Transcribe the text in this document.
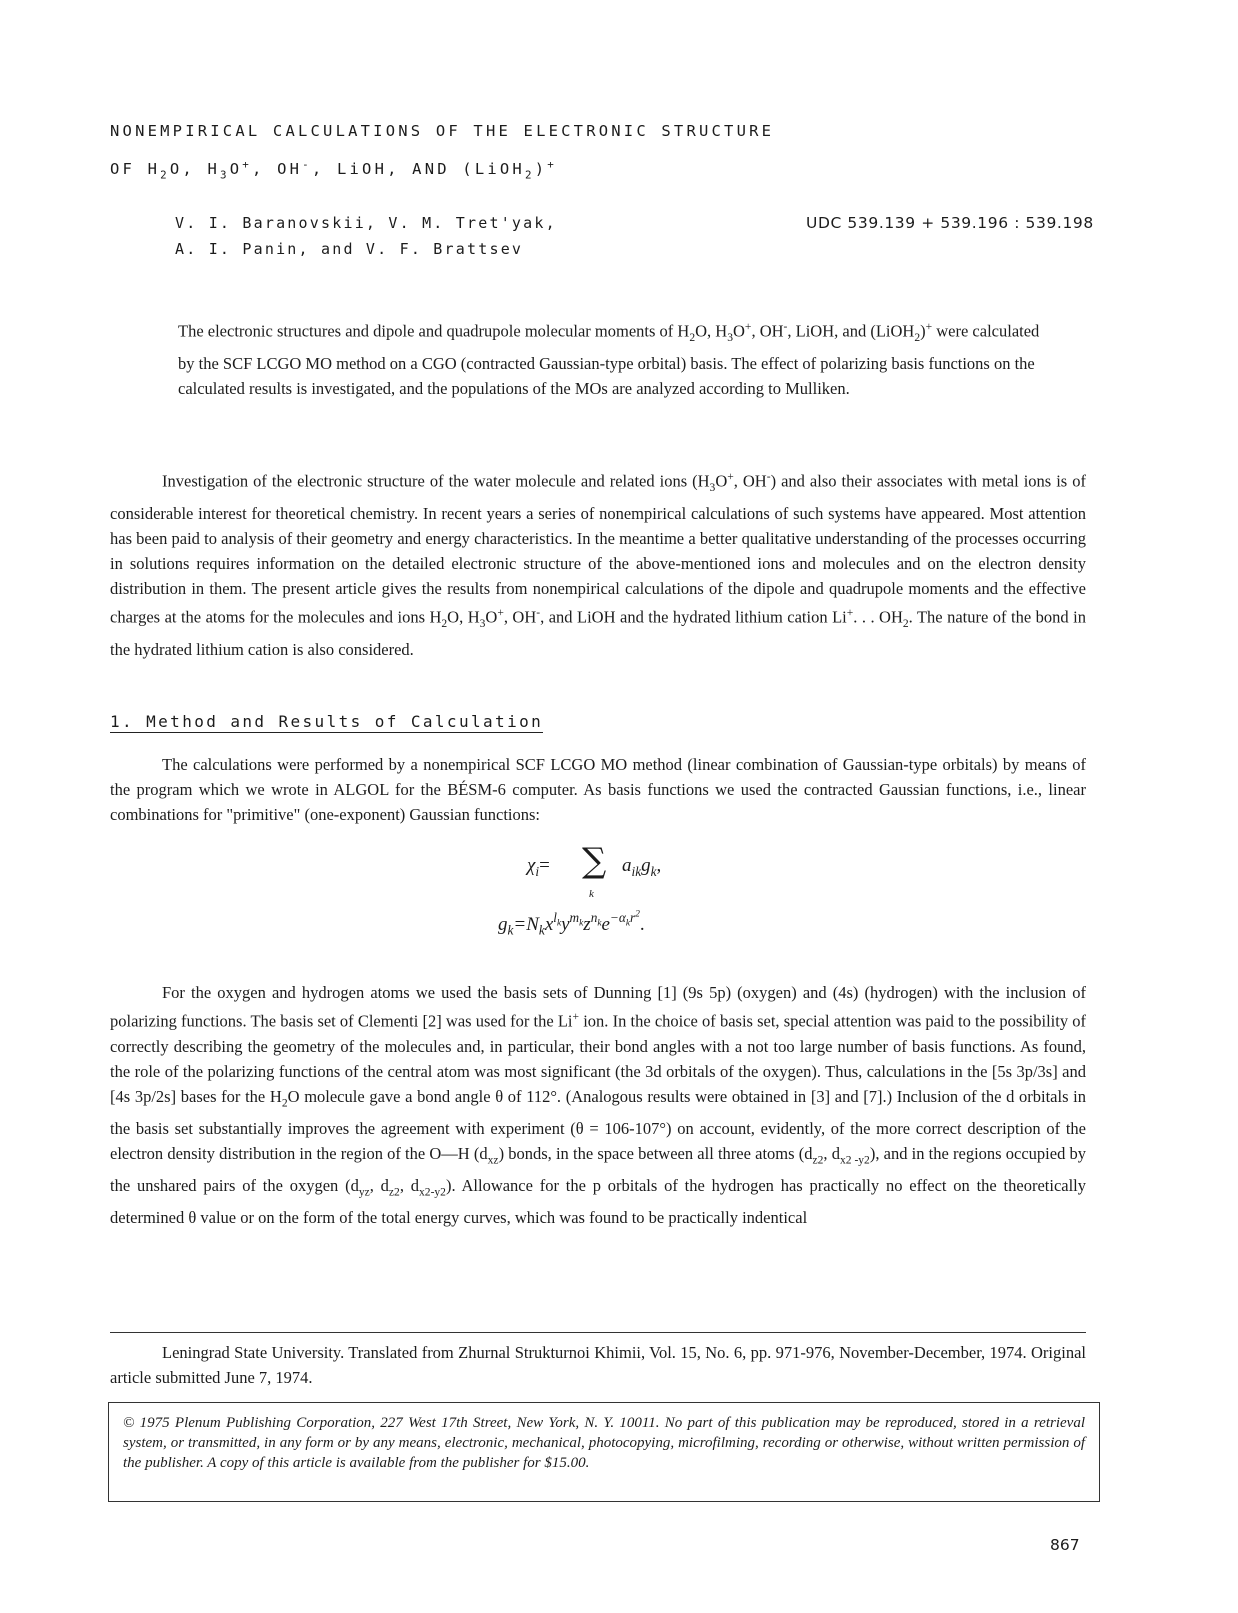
NONEMPIRICAL CALCULATIONS OF THE ELECTRONIC STRUCTURE
OF $H_2O$, $H_3O^+$, OH-, LiOH, AND (LiOH$_2$)+
V. I. Baranovskii, V. M. Tret'yak,
A. I. Panin, and V. F. Brattsev
UDC 539.139 + 539.196 : 539.198
The electronic structures and dipole and quadrupole molecular moments of $H_2O$, $H_3O^+$, OH-, LiOH, and (LiOH$_2$)+ were calculated by the SCF LCGO MO method on a CGO (contracted Gaussian-type orbital) basis. The effect of polarizing basis functions on the calculated results is investigated, and the populations of the MOs are analyzed according to Mulliken.

Investigation of the electronic structure of the water molecule and related ions ($H_3O^+$, OH-) and also their associates with metal ions is of considerable interest for theoretical chemistry. In recent years a series of nonempirical calculations of such systems have appeared. Most attention has been paid to analysis of their geometry and energy characteristics. In the meantime a better qualitative understanding of the processes occurring in solutions requires information on the detailed electronic structure of the above-mentioned ions and molecules and on the electron density distribution in them. The present article gives the results from nonempirical calculations of the dipole and quadrupole moments and the effective charges at the atoms for the molecules and ions $H_2O$, $H_3O^+$, OH-, and LiOH and the hydrated lithium cation Li+. . . $OH_2$. The nature of the bond in the hydrated lithium cation is also considered.

1. Method and Results of Calculation

The calculations were performed by a nonempirical SCF LCGO MO method (linear combination of Gaussian-type orbitals) by means of the program which we wrote in ALGOL for the BÉSM-6 computer. As basis functions we used the contracted Gaussian functions, i.e., linear combinations for "primitive" (one-exponent) Gaussian functions:

$\chi_i=$ ∑
k
$a_{ik}g_k$,
$g_k=N_kx^{l_k}y^{m_k}z^{n_k}e^{-\alpha_kr^2}$.

For the oxygen and hydrogen atoms we used the basis sets of Dunning [1] (9s 5p) (oxygen) and (4s) (hydrogen) with the inclusion of polarizing functions. The basis set of Clementi [2] was used for the Li+ ion. In the choice of basis set, special attention was paid to the possibility of correctly describing the geometry of the molecules and, in particular, their bond angles with a not too large number of basis functions. As found, the role of the polarizing functions of the central atom was most significant (the 3d orbitals of the oxygen). Thus, calculations in the [5s 3p/3s] and [4s 3p/2s] bases for the $H_2O$ molecule gave a bond angle θ of 112°. (Analogous results were obtained in [3] and [7].) Inclusion of the d orbitals in the basis set substantially improves the agreement with experiment (θ = 106-107°) on account, evidently, of the more correct description of the electron density distribution in the region of the O—H $(d_{xz})$ bonds, in the space between all three atoms ($d_{z2}$, $d_{x2 -y2}$), and in the regions occupied by the unshared pairs of the oxygen ($d_{yz}$, $d_{z2}$, $d_{x2-y2}$). Allowance for the p orbitals of the hydrogen has practically no effect on the theoretically determined θ value or on the form of the total energy curves, which was found to be practically indentical

Leningrad State University. Translated from Zhurnal Strukturnoi Khimii, Vol. 15, No. 6, pp. 971-976, November-December, 1974. Original article submitted June 7, 1974.

© 1975 Plenum Publishing Corporation, 227 West 17th Street, New York, N. Y. 10011. No part of this publication may be reproduced, stored in a retrieval system, or transmitted, in any form or by any means, electronic, mechanical, photocopying, microfilming, recording or otherwise, without written permission of the publisher. A copy of this article is available from the publisher for $15.00.
867
